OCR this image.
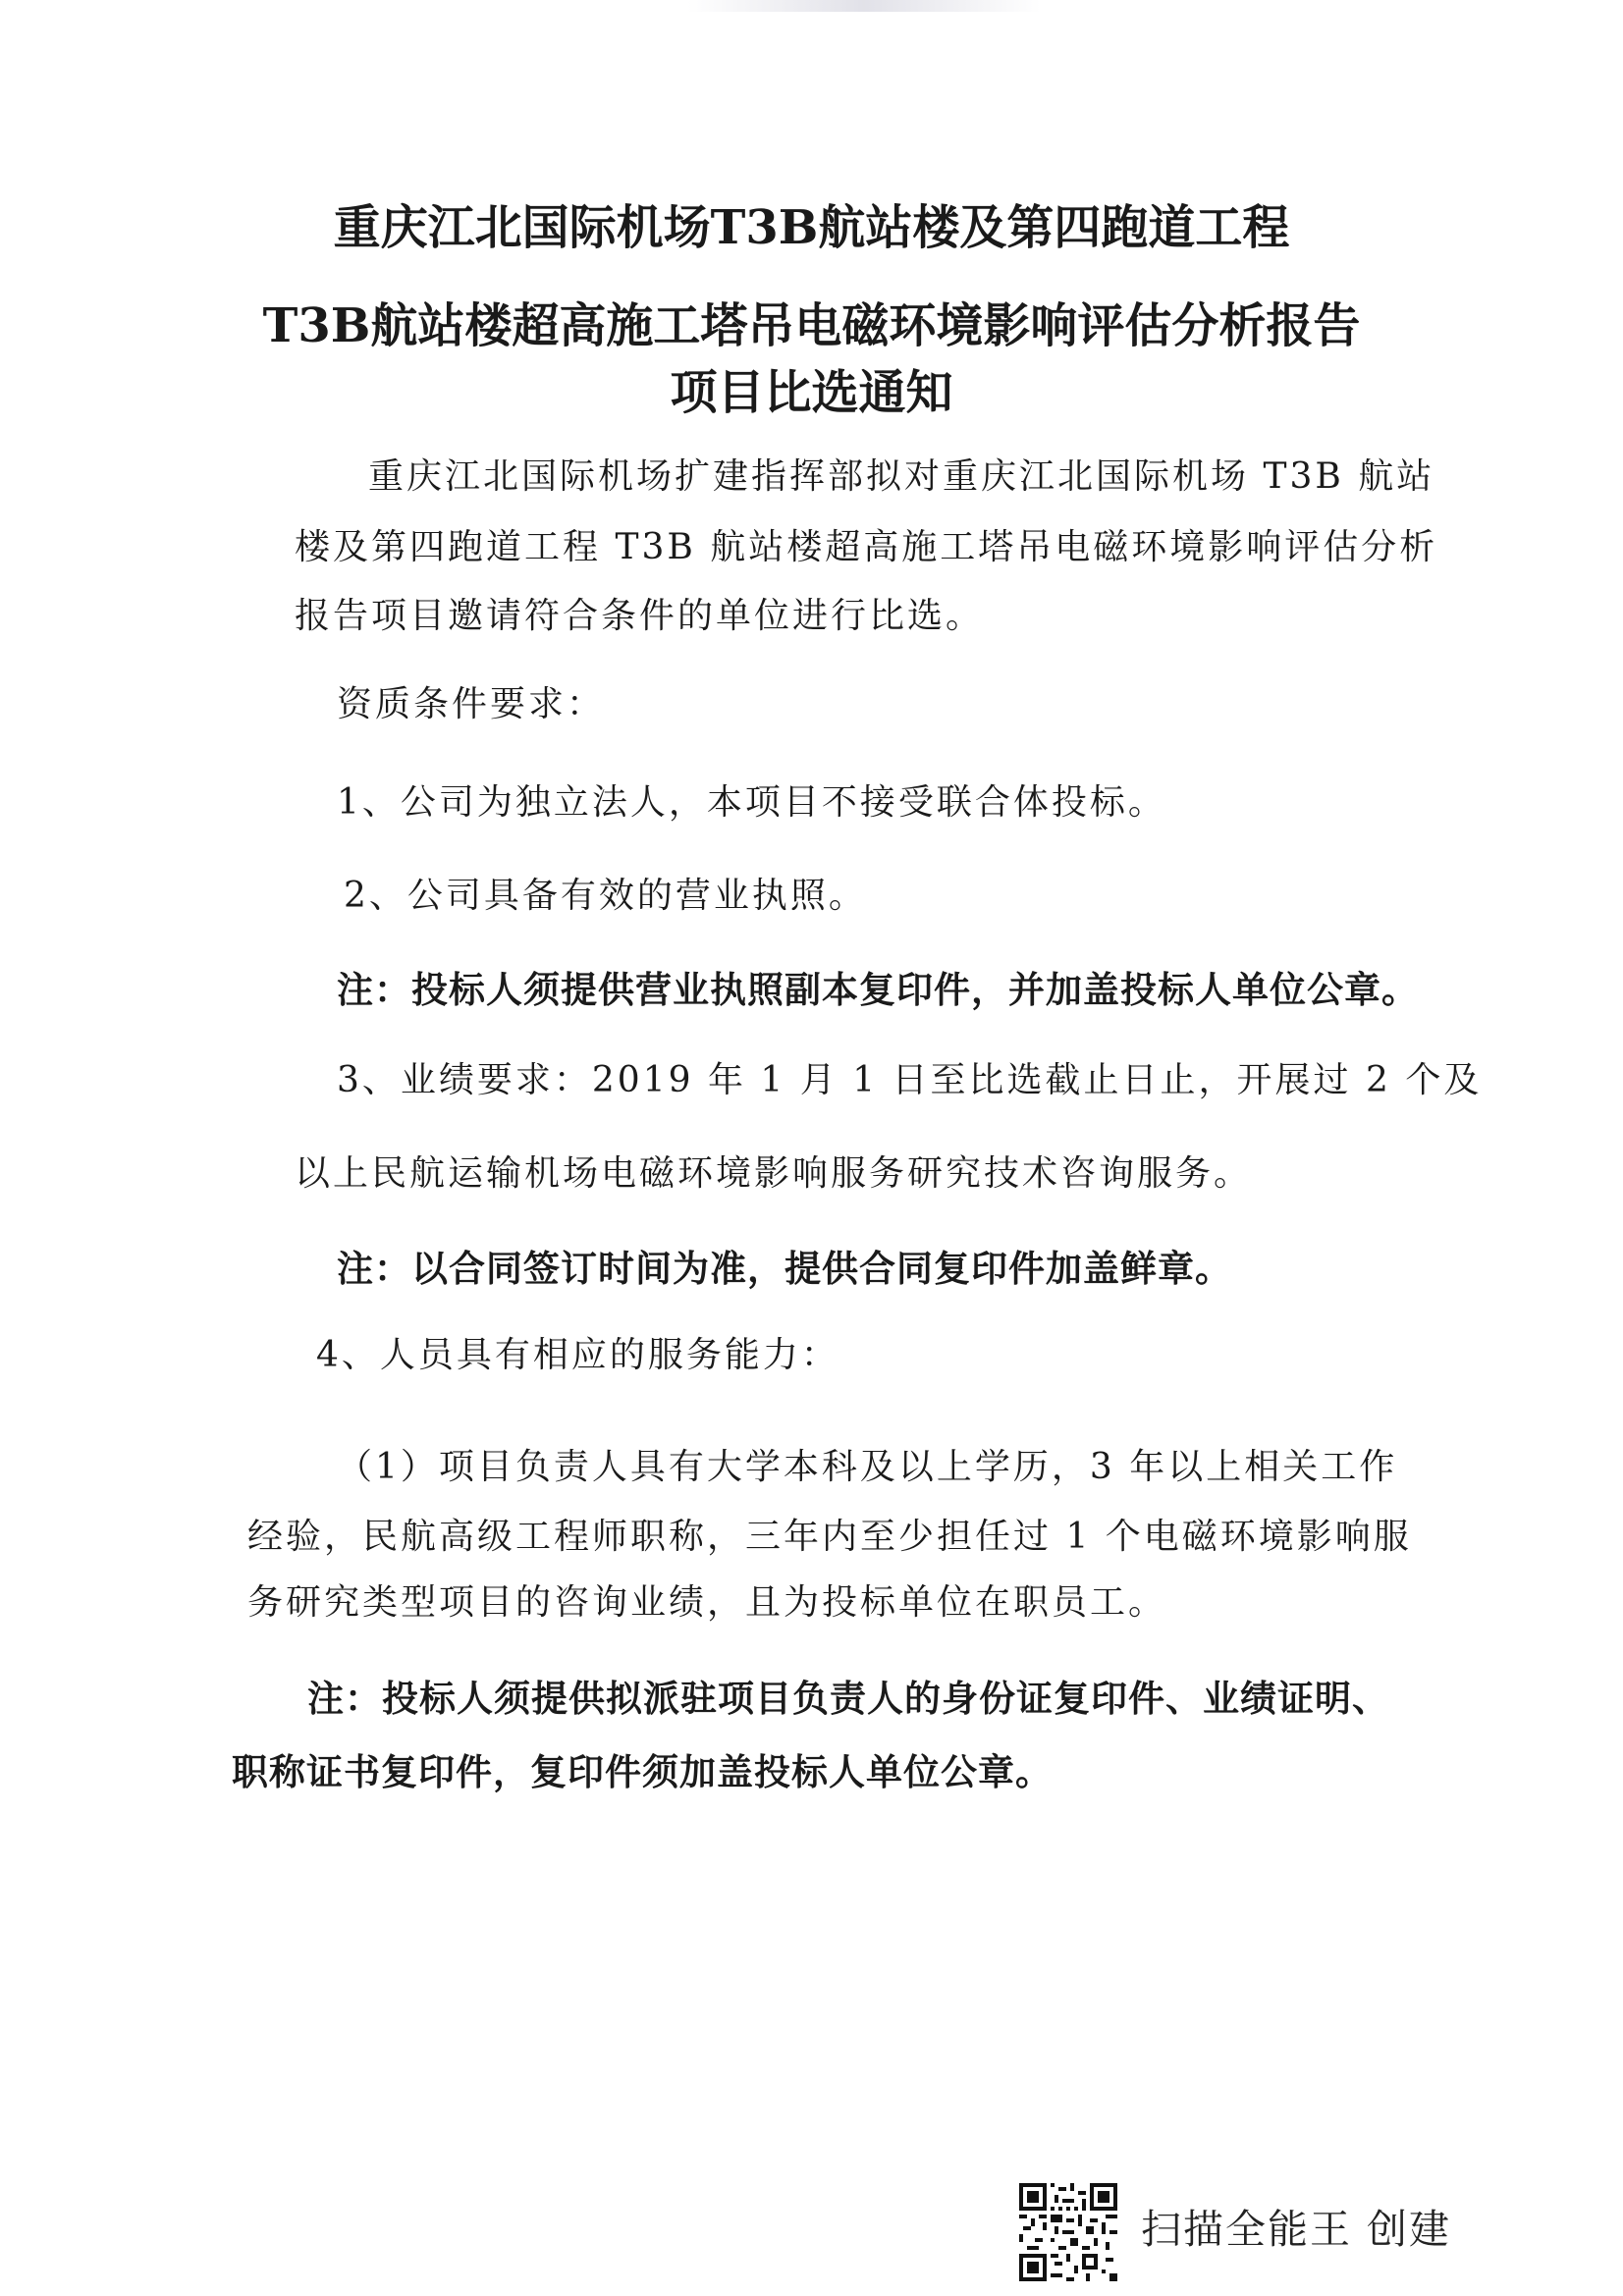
重庆江北国际机场T3B航站楼及第四跑道工程
T3B航站楼超高施工塔吊电磁环境影响评估分析报告
项目比选通知
重庆江北国际机场扩建指挥部拟对重庆江北国际机场 T3B 航站
楼及第四跑道工程 T3B 航站楼超高施工塔吊电磁环境影响评估分析
报告项目邀请符合条件的单位进行比选。
资质条件要求：
1、公司为独立法人，本项目不接受联合体投标。
2、公司具备有效的营业执照。
注：投标人须提供营业执照副本复印件，并加盖投标人单位公章。
3、业绩要求：2019 年 1 月 1 日至比选截止日止，开展过 2 个及
以上民航运输机场电磁环境影响服务研究技术咨询服务。
注：以合同签订时间为准，提供合同复印件加盖鲜章。
4、人员具有相应的服务能力：
（1）项目负责人具有大学本科及以上学历，3 年以上相关工作
经验，民航高级工程师职称，三年内至少担任过 1 个电磁环境影响服
务研究类型项目的咨询业绩，且为投标单位在职员工。
注：投标人须提供拟派驻项目负责人的身份证复印件、业绩证明、
职称证书复印件，复印件须加盖投标人单位公章。
扫描全能王 创建
